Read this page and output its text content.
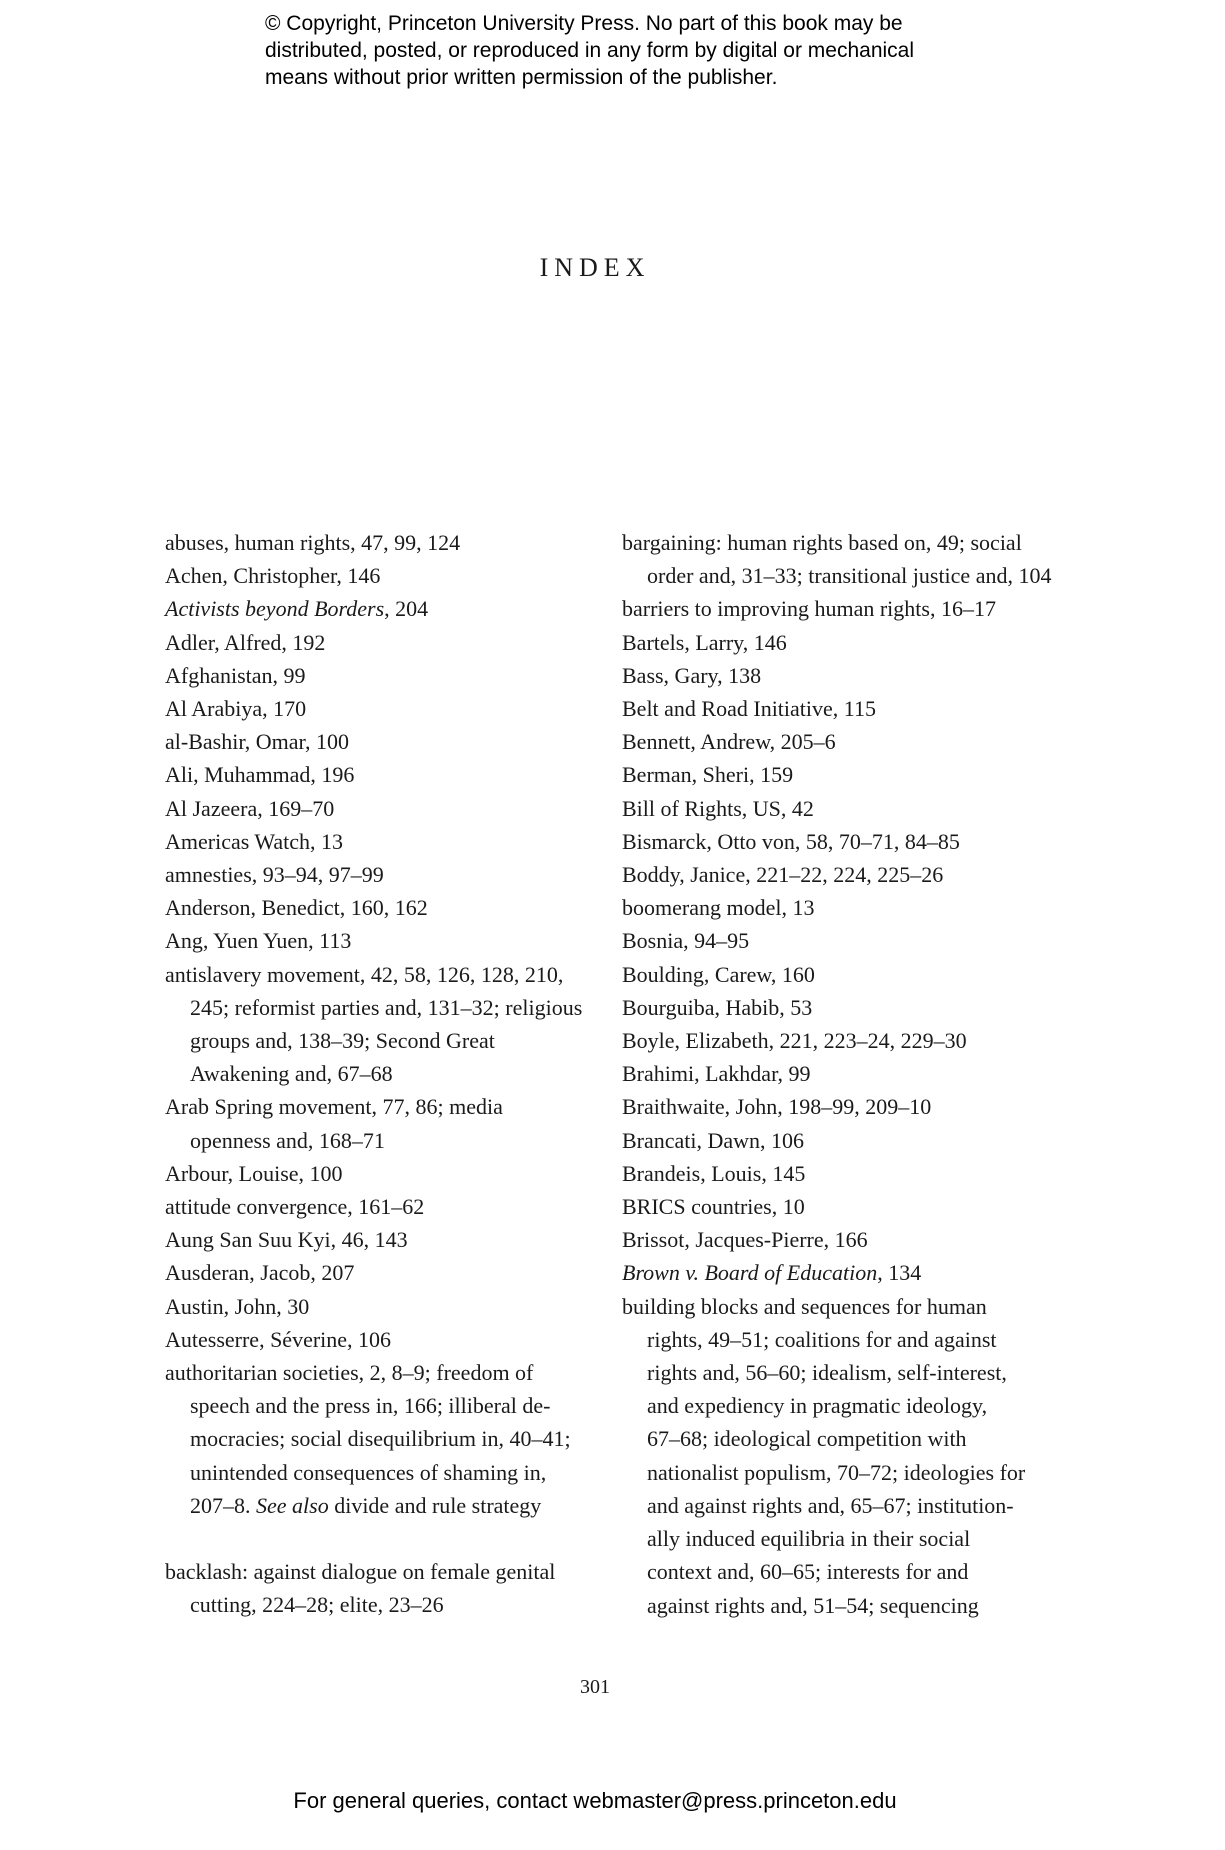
© Copyright, Princeton University Press. No part of this book may be
distributed, posted, or reproduced in any form by digital or mechanical
means without prior written permission of the publisher.
INDEX
abuses, human rights, 47, 99, 124
Achen, Christopher, 146
Activists beyond Borders, 204
Adler, Alfred, 192
Afghanistan, 99
Al Arabiya, 170
al-Bashir, Omar, 100
Ali, Muhammad, 196
Al Jazeera, 169–70
Americas Watch, 13
amnesties, 93–94, 97–99
Anderson, Benedict, 160, 162
Ang, Yuen Yuen, 113
antislavery movement, 42, 58, 126, 128, 210,
245; reformist parties and, 131–32; religious
groups and, 138–39; Second Great
Awakening and, 67–68
Arab Spring movement, 77, 86; media
openness and, 168–71
Arbour, Louise, 100
attitude convergence, 161–62
Aung San Suu Kyi, 46, 143
Ausderan, Jacob, 207
Austin, John, 30
Autesserre, Séverine, 106
authoritarian societies, 2, 8–9; freedom of
speech and the press in, 166; illiberal de-
mocracies; social disequilibrium in, 40–41;
unintended consequences of shaming in,
207–8. See also divide and rule strategy
backlash: against dialogue on female genital
cutting, 224–28; elite, 23–26
bargaining: human rights based on, 49; social
order and, 31–33; transitional justice and, 104
barriers to improving human rights, 16–17
Bartels, Larry, 146
Bass, Gary, 138
Belt and Road Initiative, 115
Bennett, Andrew, 205–6
Berman, Sheri, 159
Bill of Rights, US, 42
Bismarck, Otto von, 58, 70–71, 84–85
Boddy, Janice, 221–22, 224, 225–26
boomerang model, 13
Bosnia, 94–95
Boulding, Carew, 160
Bourguiba, Habib, 53
Boyle, Elizabeth, 221, 223–24, 229–30
Brahimi, Lakhdar, 99
Braithwaite, John, 198–99, 209–10
Brancati, Dawn, 106
Brandeis, Louis, 145
BRICS countries, 10
Brissot, Jacques-Pierre, 166
Brown v. Board of Education, 134
building blocks and sequences for human
rights, 49–51; coalitions for and against
rights and, 56–60; idealism, self-interest,
and expediency in pragmatic ideology,
67–68; ideological competition with
nationalist populism, 70–72; ideologies for
and against rights and, 65–67; institution-
ally induced equilibria in their social
context and, 60–65; interests for and
against rights and, 51–54; sequencing
301
For general queries, contact webmaster@press.princeton.edu
